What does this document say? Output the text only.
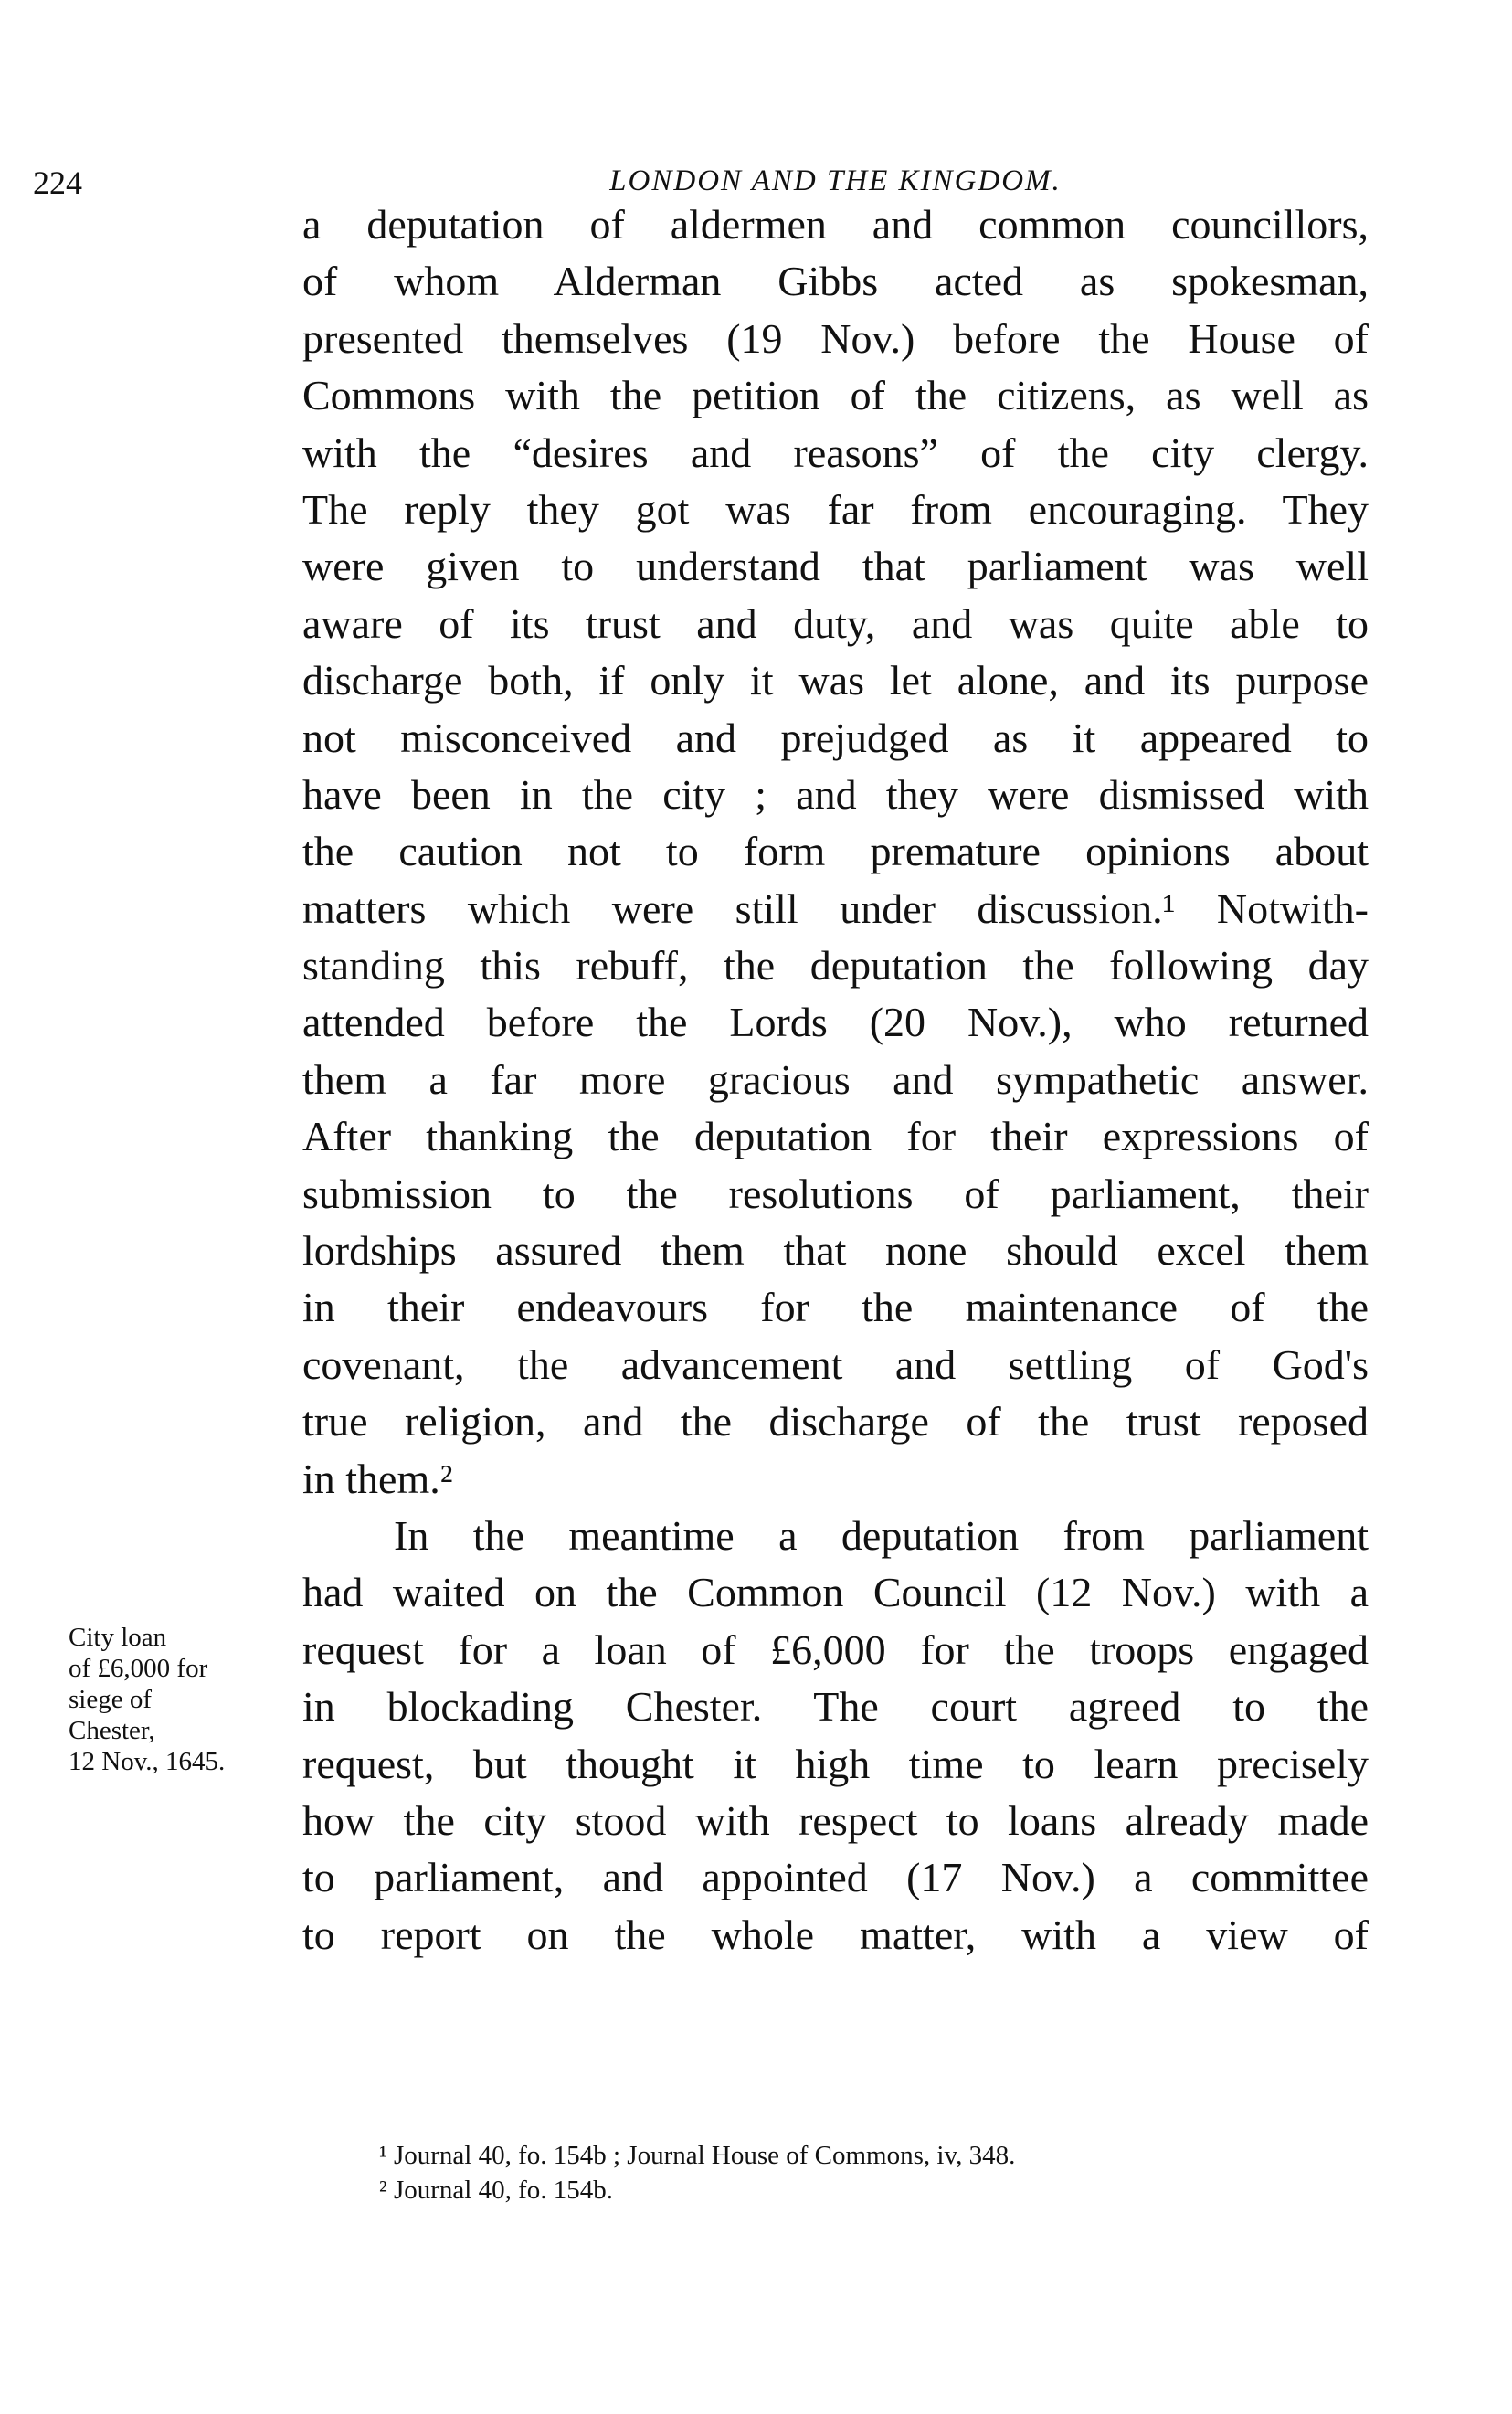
224	LONDON AND THE KINGDOM.
a deputation of aldermen and common councillors,
of whom Alderman Gibbs acted as spokesman,
presented themselves (19 Nov.) before the House of
Commons with the petition of the citizens, as well as
with the “desires and reasons” of the city clergy.
The reply they got was far from encouraging. They
were given to understand that parliament was well
aware of its trust and duty, and was quite able to
discharge both, if only it was let alone, and its purpose
not misconceived and prejudged as it appeared to
have been in the city ; and they were dismissed with
the caution not to form premature opinions about
matters which were still under discussion.¹ Notwith-
standing this rebuff, the deputation the following day
attended before the Lords (20 Nov.), who returned
them a far more gracious and sympathetic answer.
After thanking the deputation for their expressions of
submission to the resolutions of parliament, their
lordships assured them that none should excel them
in their endeavours for the maintenance of the
covenant, the advancement and settling of God's
true religion, and the discharge of the trust reposed
in them.²
In the meantime a deputation from parliament
had waited on the Common Council (12 Nov.) with a
request for a loan of £6,000 for the troops engaged
in blockading Chester. The court agreed to the
request, but thought it high time to learn precisely
how the city stood with respect to loans already made
to parliament, and appointed (17 Nov.) a committee
to report on the whole matter, with a view of
City loan
of £6,000 for
siege of
Chester,
12 Nov., 1645.
¹ Journal 40, fo. 154b ; Journal House of Commons, iv, 348.
² Journal 40, fo. 154b.
